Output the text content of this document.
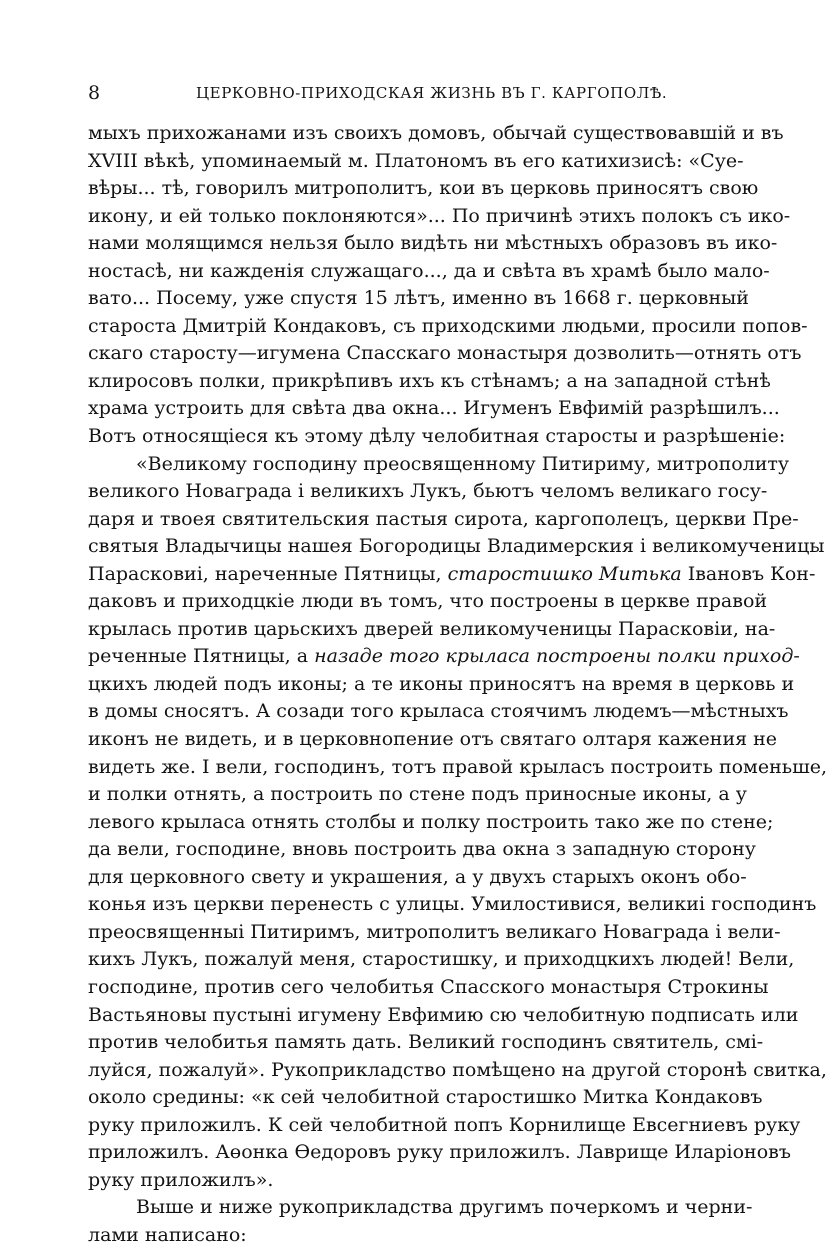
8	ЦЕРКОВНО-ПРИХОДСКАЯ ЖИЗНЬ ВЪ Г. КАРГОПОЛѢ.
мыхъ прихожанами изъ своихъ домовъ, обычай существовавшій и въ
XVIII вѣкѣ, упоминаемый м. Платономъ въ его катихизисѣ: «Суе-
вѣры... тѣ, говорилъ митрополитъ, кои въ церковь приносятъ свою
икону, и ей только поклоняются»... По причинѣ этихъ полокъ съ ико-
нами молящимся нельзя было видѣть ни мѣстныхъ образовъ въ ико-
ностасѣ, ни кажденія служащаго..., да и свѣта въ храмѣ было мало-
вато... Посему, уже спустя 15 лѣтъ, именно въ 1668 г. церковный
староста Дмитрій Кондаковъ, съ приходскими людьми, просили попов-
скаго старосту—игумена Спасскаго монастыря дозволить—отнять отъ
клиросовъ полки, прикрѣпивъ ихъ къ стѣнамъ; а на западной стѣнѣ
храма устроить для свѣта два окна... Игуменъ Евфимій разрѣшилъ...
Вотъ относящіеся къ этому дѣлу челобитная старосты и разрѣшеніе:
«Великому господину преосвященному Питириму, митрополиту
великого Новаграда і великихъ Лукъ, бьютъ челомъ великаго госу-
даря и твоея святительския пастыя сирота, каргополецъ, церкви Пре-
святыя Владычицы нашея Богородицы Владимерския і великомученицы
Парасковиі, нареченные Пятницы, старостишко Митька Івановъ Кон-
даковъ и приходцкіе люди въ томъ, что построены в церкве правой
крылась против царьскихъ дверей великомученицы Парасковіи, на-
реченные Пятницы, а назаде того крыласа построены полки приход-
цкихъ людей подъ иконы; а те иконы приносятъ на время в церковь и
в домы сносятъ. А созади того крыласа стоячимъ людемъ—мѣстныхъ
иконъ не видеть, и в церковнопение отъ святаго олтаря кажения не
видеть же. І вели, господинъ, тотъ правой крыласъ построить поменьше,
и полки отнять, а построить по стене подъ приносные иконы, а у
левого крыласа отнять столбы и полку построить тако же по стене;
да вели, господине, вновь построить два окна з западную сторону
для церковного свету и украшения, а у двухъ старыхъ оконъ обо-
конья изъ церкви перенесть с улицы. Умилостивися, великиі господинъ
преосвященныі Питиримъ, митрополитъ великаго Новаграда і вели-
кихъ Лукъ, пожалуй меня, старостишку, и приходцкихъ людей! Вели,
господине, против сего челобитья Спасского монастыря Строкины
Вастьяновы пустыні игумену Евфимию сю челобитную подписать или
против челобитья память дать. Великий господинъ святитель, смі-
луйся, пожалуй». Рукоприкладство помѣщено на другой сторонѣ свитка,
около средины: «к сей челобитной старостишко Митка Кондаковъ
руку приложилъ. К сей челобитной попъ Корнилище Евсегниевъ руку
приложилъ. Аөонка Өедоровъ руку приложилъ. Лаврище Иларіоновъ
руку приложилъ».
Выше и ниже рукоприкладства другимъ почеркомъ и черни-
лами написано:
